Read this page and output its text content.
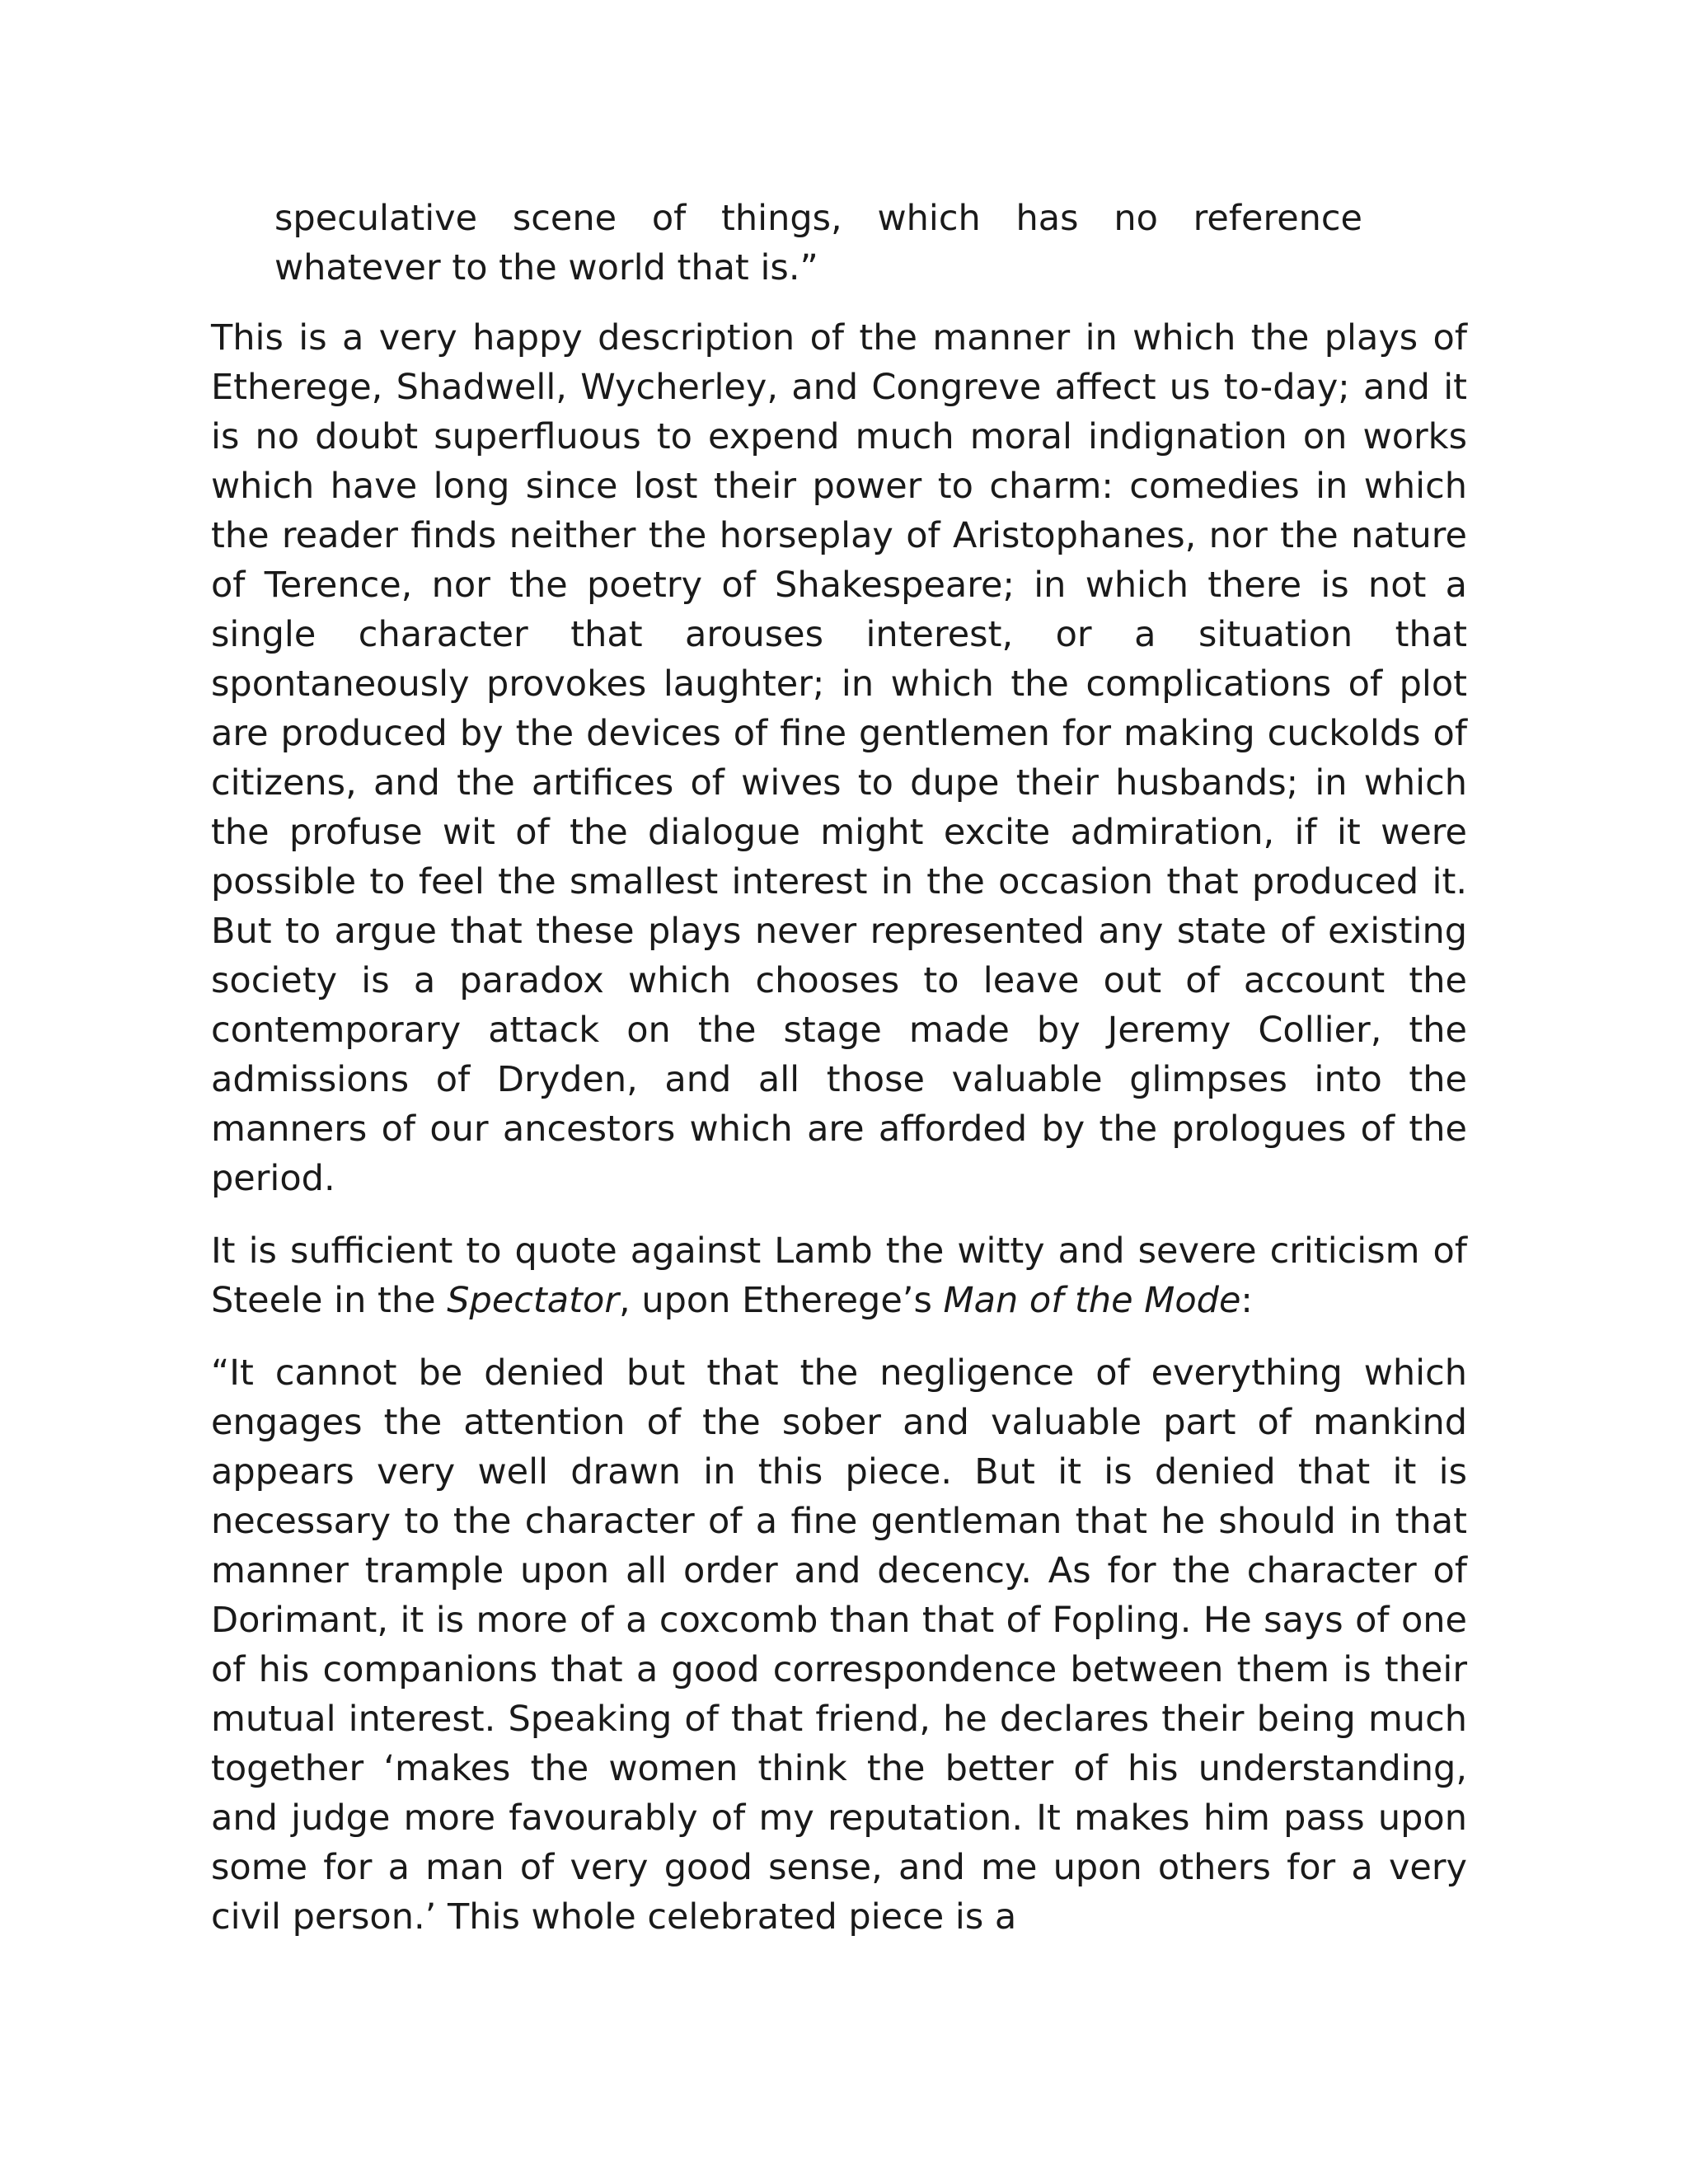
speculative scene of things, which has no reference whatever to the world that is.”

This is a very happy description of the manner in which the plays of Etherege, Shadwell, Wycherley, and Congreve affect us to-day; and it is no doubt superfluous to expend much moral indignation on works which have long since lost their power to charm: comedies in which the reader finds neither the horseplay of Aristophanes, nor the nature of Terence, nor the poetry of Shakespeare; in which there is not a single character that arouses interest, or a situation that spontaneously provokes laughter; in which the complications of plot are produced by the devices of fine gentlemen for making cuckolds of citizens, and the artifices of wives to dupe their husbands; in which the profuse wit of the dialogue might excite admiration, if it were possible to feel the smallest interest in the occasion that produced it. But to argue that these plays never represented any state of existing society is a paradox which chooses to leave out of account the contemporary attack on the stage made by Jeremy Collier, the admissions of Dryden, and all those valuable glimpses into the manners of our ancestors which are afforded by the prologues of the period.

It is sufficient to quote against Lamb the witty and severe criticism of Steele in the Spectator, upon Etherege’s Man of the Mode:

“It cannot be denied but that the negligence of everything which engages the attention of the sober and valuable part of mankind appears very well drawn in this piece. But it is denied that it is necessary to the character of a fine gentleman that he should in that manner trample upon all order and decency. As for the character of Dorimant, it is more of a coxcomb than that of Fopling. He says of one of his companions that a good correspondence between them is their mutual interest. Speaking of that friend, he declares their being much together ‘makes the women think the better of his understanding, and judge more favourably of my reputation. It makes him pass upon some for a man of very good sense, and me upon others for a very civil person.’ This whole celebrated piece is a
